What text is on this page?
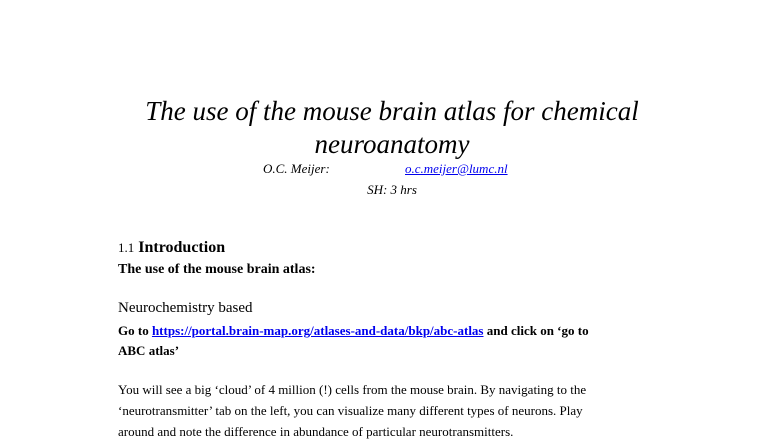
The use of the mouse brain atlas for chemical
neuroanatomy
O.C. Meijer:	o.c.meijer@lumc.nl
SH: 3 hrs
1.1 Introduction
The use of the mouse brain atlas:
Neurochemistry based
Go to https://portal.brain-map.org/atlases-and-data/bkp/abc-atlas and click on ‘go to
ABC atlas’
You will see a big ‘cloud’ of 4 million (!) cells from the mouse brain. By navigating to the
‘neurotransmitter’ tab on the left, you can visualize many different types of neurons. Play
around and note the difference in abundance of particular neurotransmitters.
